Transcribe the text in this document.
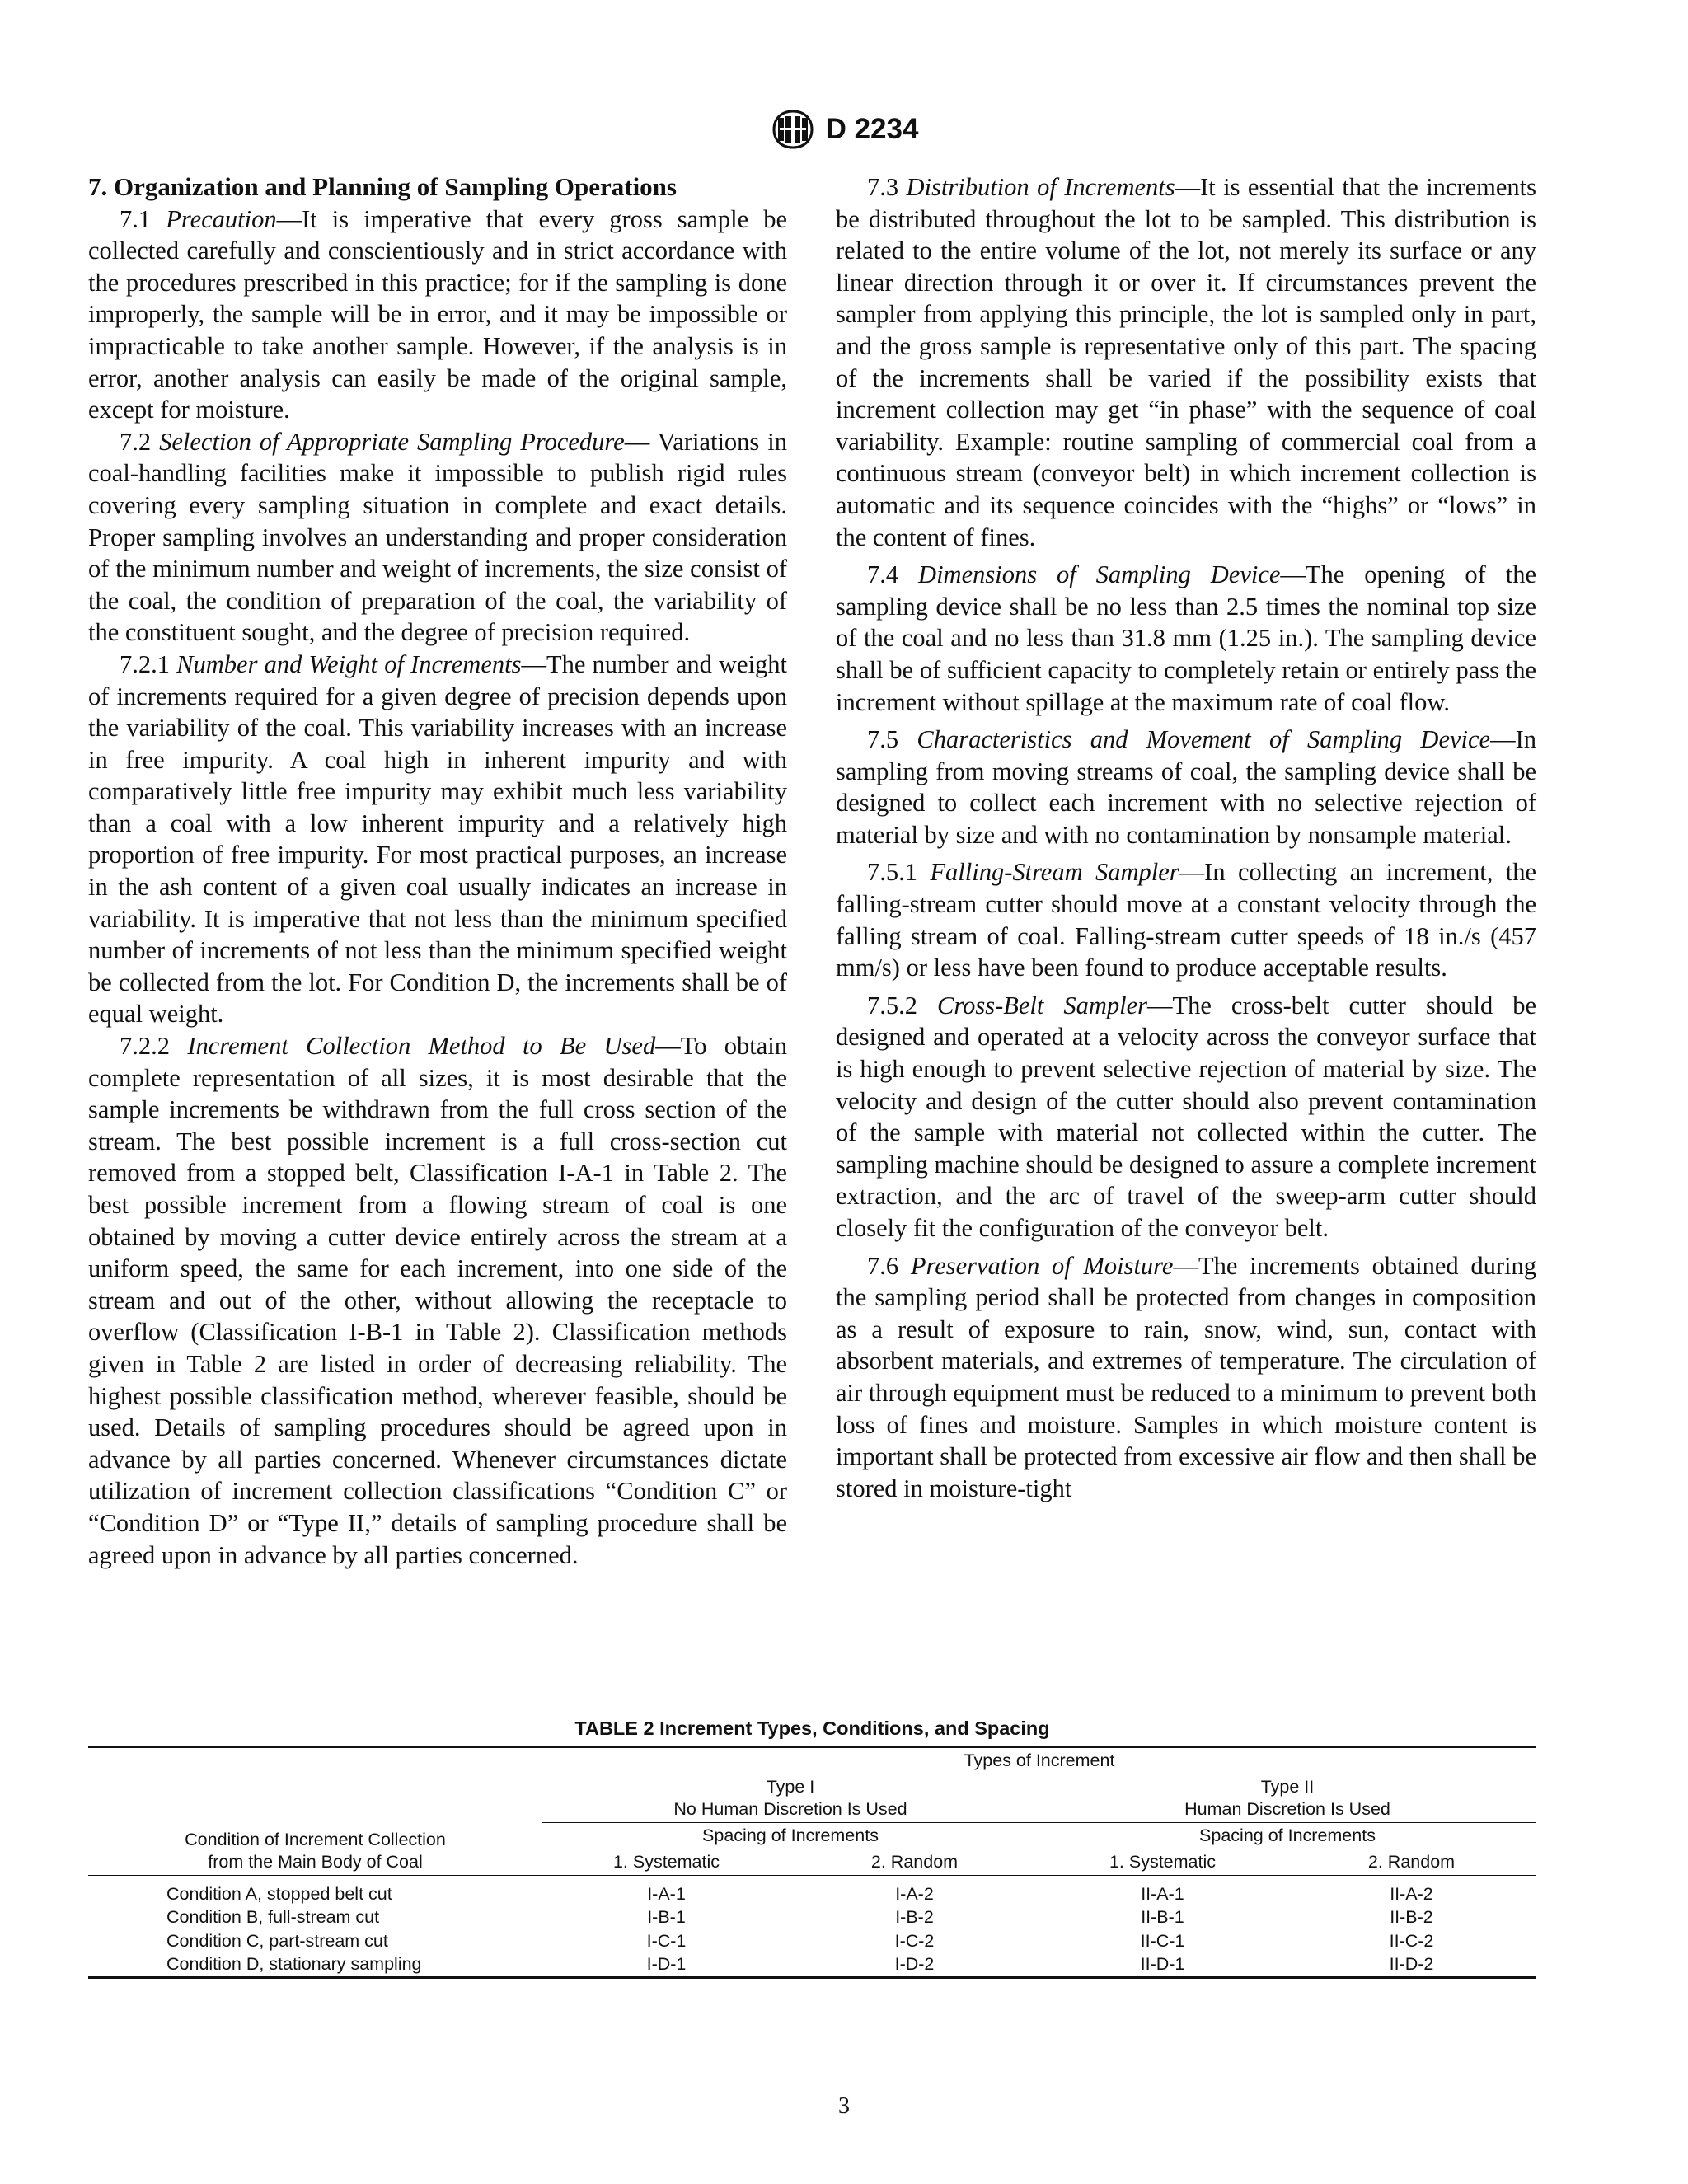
D 2234

7. Organization and Planning of Sampling Operations

7.1 Precaution—It is imperative that every gross sample be collected carefully and conscientiously and in strict accordance with the procedures prescribed in this practice; for if the sampling is done improperly, the sample will be in error, and it may be impossible or impracticable to take another sample. However, if the analysis is in error, another analysis can easily be made of the original sample, except for moisture.

7.2 Selection of Appropriate Sampling Procedure— Variations in coal-handling facilities make it impossible to publish rigid rules covering every sampling situation in complete and exact details. Proper sampling involves an understanding and proper consideration of the minimum number and weight of increments, the size consist of the coal, the condition of preparation of the coal, the variability of the constituent sought, and the degree of precision required.

7.2.1 Number and Weight of Increments—The number and weight of increments required for a given degree of precision depends upon the variability of the coal. This variability increases with an increase in free impurity. A coal high in inherent impurity and with comparatively little free impurity may exhibit much less variability than a coal with a low inherent impurity and a relatively high proportion of free impurity. For most practical purposes, an increase in the ash content of a given coal usually indicates an increase in variability. It is imperative that not less than the minimum specified number of increments of not less than the minimum specified weight be collected from the lot. For Condition D, the increments shall be of equal weight.

7.2.2 Increment Collection Method to Be Used—To obtain complete representation of all sizes, it is most desirable that the sample increments be withdrawn from the full cross section of the stream. The best possible increment is a full cross-section cut removed from a stopped belt, Classification I-A-1 in Table 2. The best possible increment from a flowing stream of coal is one obtained by moving a cutter device entirely across the stream at a uniform speed, the same for each increment, into one side of the stream and out of the other, without allowing the receptacle to overflow (Classification I-B-1 in Table 2). Classification methods given in Table 2 are listed in order of decreasing reliability. The highest possible classification method, wherever feasible, should be used. Details of sampling procedures should be agreed upon in advance by all parties concerned. Whenever circumstances dictate utilization of increment collection classifications “Condition C” or “Condition D” or “Type II,” details of sampling procedure shall be agreed upon in advance by all parties concerned.

7.3 Distribution of Increments—It is essential that the increments be distributed throughout the lot to be sampled. This distribution is related to the entire volume of the lot, not merely its surface or any linear direction through it or over it. If circumstances prevent the sampler from applying this principle, the lot is sampled only in part, and the gross sample is representative only of this part. The spacing of the increments shall be varied if the possibility exists that increment collection may get “in phase” with the sequence of coal variability. Example: routine sampling of commercial coal from a continuous stream (conveyor belt) in which increment collection is automatic and its sequence coincides with the “highs” or “lows” in the content of fines.

7.4 Dimensions of Sampling Device—The opening of the sampling device shall be no less than 2.5 times the nominal top size of the coal and no less than 31.8 mm (1.25 in.). The sampling device shall be of sufficient capacity to completely retain or entirely pass the increment without spillage at the maximum rate of coal flow.

7.5 Characteristics and Movement of Sampling Device—In sampling from moving streams of coal, the sampling device shall be designed to collect each increment with no selective rejection of material by size and with no contamination by nonsample material.

7.5.1 Falling-Stream Sampler—In collecting an increment, the falling-stream cutter should move at a constant velocity through the falling stream of coal. Falling-stream cutter speeds of 18 in./s (457 mm/s) or less have been found to produce acceptable results.

7.5.2 Cross-Belt Sampler—The cross-belt cutter should be designed and operated at a velocity across the conveyor surface that is high enough to prevent selective rejection of material by size. The velocity and design of the cutter should also prevent contamination of the sample with material not collected within the cutter. The sampling machine should be designed to assure a complete increment extraction, and the arc of travel of the sweep-arm cutter should closely fit the configuration of the conveyor belt.

7.6 Preservation of Moisture—The increments obtained during the sampling period shall be protected from changes in composition as a result of exposure to rain, snow, wind, sun, contact with absorbent materials, and extremes of temperature. The circulation of air through equipment must be reduced to a minimum to prevent both loss of fines and moisture. Samples in which moisture content is important shall be protected from excessive air flow and then shall be stored in moisture-tight

TABLE 2 Increment Types, Conditions, and Spacing
Condition of Increment Collection
from the Main Body of Coal	Types of Increment			
	Type I
No Human Discretion Is Used		Type II
Human Discretion Is Used	
	Spacing of Increments		Spacing of Increments	
	1. Systematic	2. Random	1. Systematic	2. Random

Condition A, stopped belt cut	I-A-1	I-A-2	II-A-1	II-A-2
Condition B, full-stream cut	I-B-1	I-B-2	II-B-1	II-B-2
Condition C, part-stream cut	I-C-1	I-C-2	II-C-1	II-C-2
Condition D, stationary sampling	I-D-1	I-D-2	II-D-1	II-D-2
3
